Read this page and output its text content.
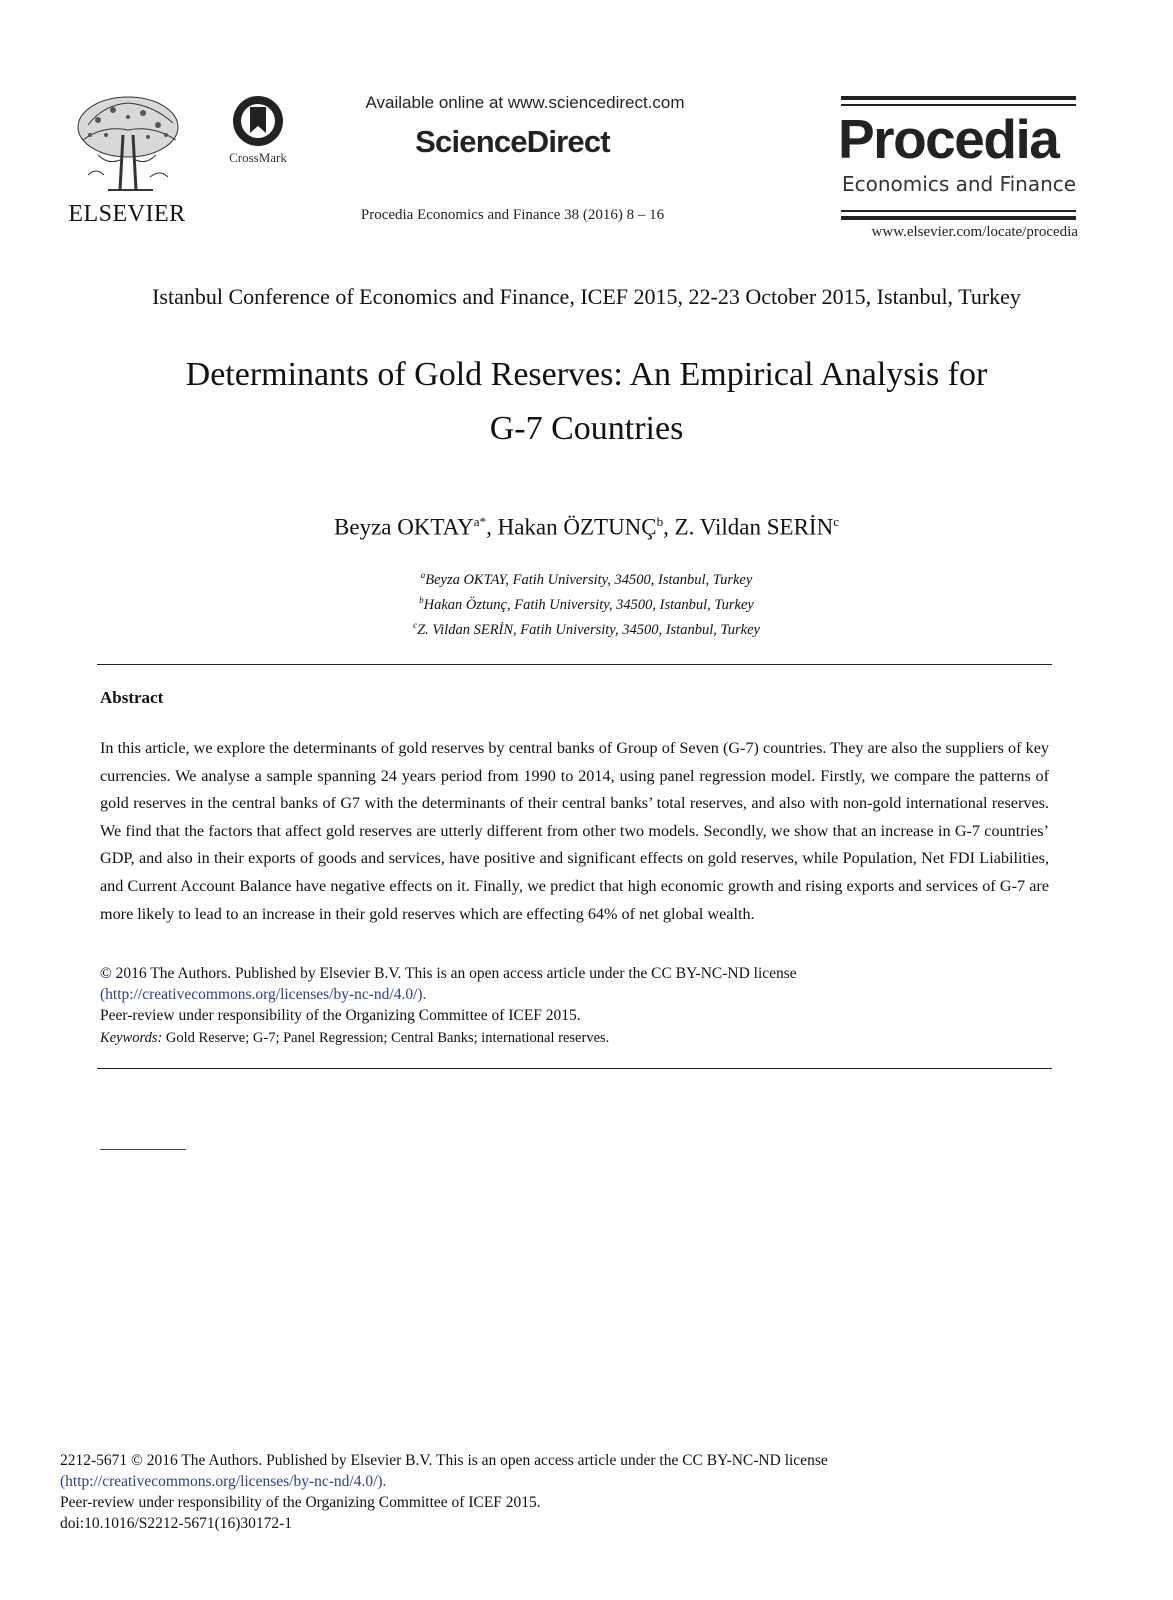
ELSEVIER
CrossMark
Available online at www.sciencedirect.com
ScienceDirect
Procedia Economics and Finance 38 (2016) 8 – 16
Procedia
Economics and Finance
www.elsevier.com/locate/procedia
Istanbul Conference of Economics and Finance, ICEF 2015, 22-23 October 2015, Istanbul, Turkey
Determinants of Gold Reserves: An Empirical Analysis for
G-7 Countries
Beyza $OKTAY^{a*}$, Hakan ÖZTUNÇ$^b$, Z. Vildan SERİN$^c$
$^a$Beyza OKTAY, Fatih University, 34500, Istanbul, Turkey
$^b$Hakan Öztunç, Fatih University, 34500, Istanbul, Turkey
$^c$Z. Vildan SERİN, Fatih University, 34500, Istanbul, Turkey
Abstract
In this article, we explore the determinants of gold reserves by central banks of Group of Seven (G-7) countries. They are also the suppliers of key currencies. We analyse a sample spanning 24 years period from 1990 to 2014, using panel regression model. Firstly, we compare the patterns of gold reserves in the central banks of G7 with the determinants of their central banks’ total reserves, and also with non-gold international reserves. We find that the factors that affect gold reserves are utterly different from other two models. Secondly, we show that an increase in G-7 countries’ GDP, and also in their exports of goods and services, have positive and significant effects on gold reserves, while Population, Net FDI Liabilities, and Current Account Balance have negative effects on it. Finally, we predict that high economic growth and rising exports and services of G-7 are more likely to lead to an increase in their gold reserves which are effecting 64% of net global wealth.
© 2016 The Authors. Published by Elsevier B.V. This is an open access article under the CC BY-NC-ND license
(http://creativecommons.org/licenses/by-nc-nd/4.0/).
Peer-review under responsibility of the Organizing Committee of ICEF 2015.
Keywords: Gold Reserve; G-7; Panel Regression; Central Banks; international reserves.
2212-5671 © 2016 The Authors. Published by Elsevier B.V. This is an open access article under the CC BY-NC-ND license
(http://creativecommons.org/licenses/by-nc-nd/4.0/).
Peer-review under responsibility of the Organizing Committee of ICEF 2015.
doi:10.1016/S2212-5671(16)30172-1
